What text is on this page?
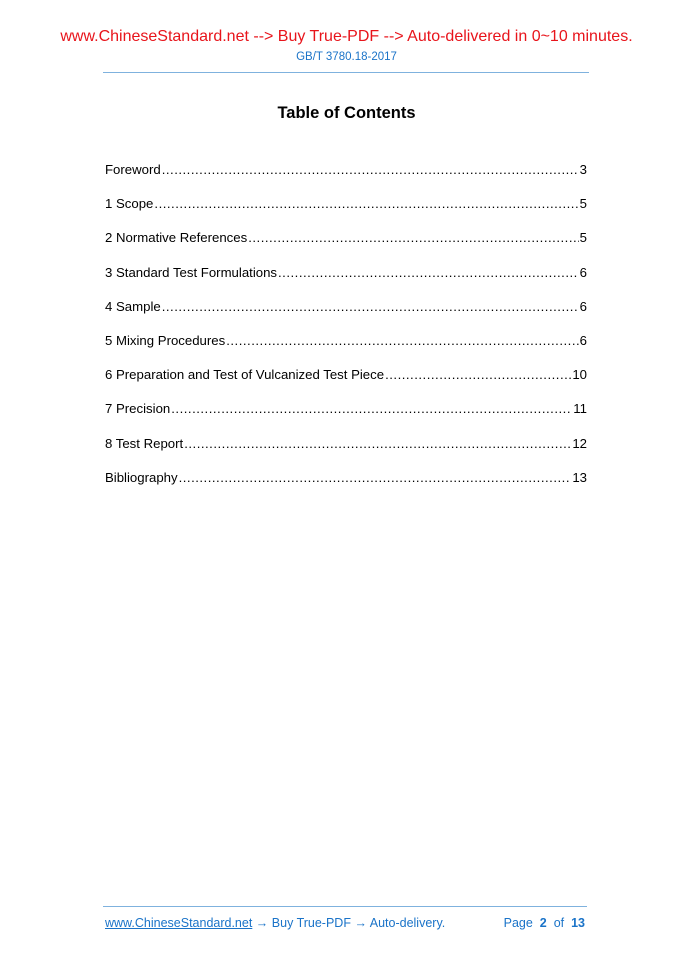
www.ChineseStandard.net --> Buy True-PDF --> Auto-delivered in 0~10 minutes.
GB/T 3780.18-2017
Table of Contents
Foreword .....	3
1 Scope .....	5
2 Normative References .....	5
3 Standard Test Formulations .....	6
4 Sample .....	6
5 Mixing Procedures .....	6
6 Preparation and Test of Vulcanized Test Piece .....	10
7 Precision .....	11
8 Test Report .....	12
Bibliography .....	13
www.ChineseStandard.net → Buy True-PDF → Auto-delivery.	Page 2 of 13
